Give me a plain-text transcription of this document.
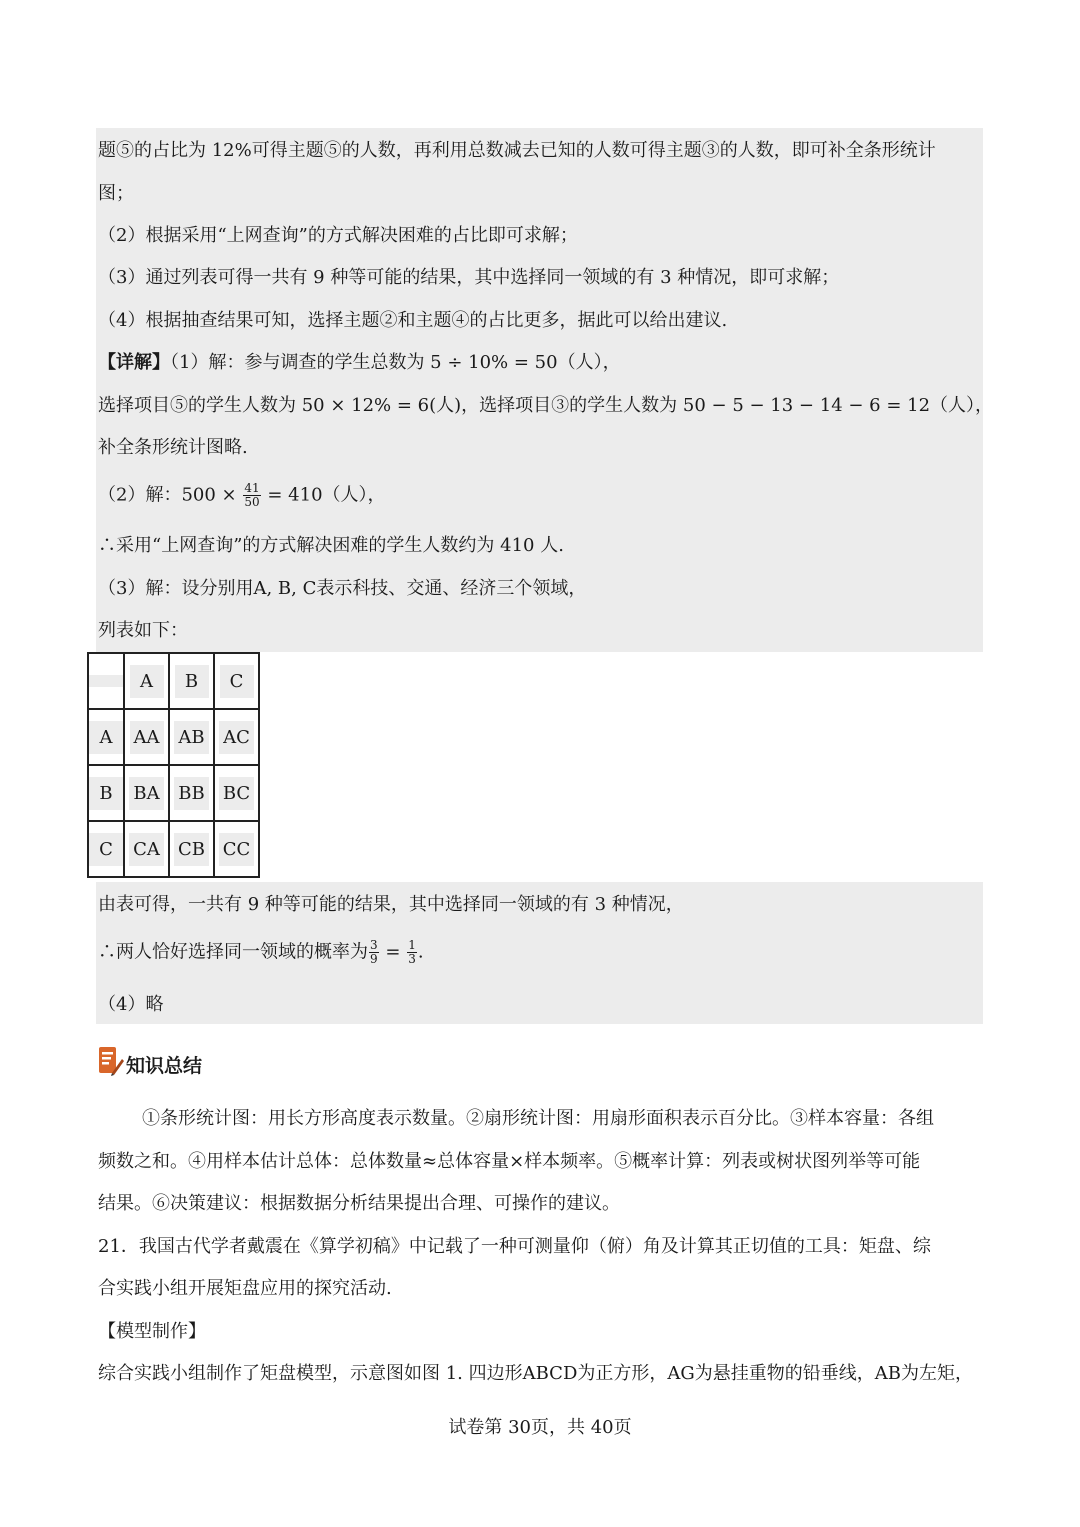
题⑤的占比为 12%可得主题⑤的人数，再利用总数减去已知的人数可得主题③的人数，即可补全条形统计
图；
（2）根据采用“上网查询”的方式解决困难的占比即可求解；
（3）通过列表可得一共有 9 种等可能的结果，其中选择同一领域的有 3 种情况，即可求解；
（4）根据抽查结果可知，选择主题②和主题④的占比更多，据此可以给出建议.
【详解】（1）解：参与调查的学生总数为 5 ÷ 10% = 50（人），
选择项目⑤的学生人数为 50 × 12% = 6(人)，选择项目③的学生人数为 50 − 5 − 13 − 14 − 6 = 12（人），
补全条形统计图略.
（2）解：$500 \times \frac{41}{50} = 410$（人），
∴采用“上网查询”的方式解决困难的学生人数约为 410 人.
（3）解：设分别用A, B, C表示科技、交通、经济三个领域，
列表如下：
	A	B	C
A	AA	AB	AC
B	BA	BB	BC
C	CA	CB	CC
由表可得，一共有 9 种等可能的结果，其中选择同一领域的有 3 种情况，
∴两人恰好选择同一领域的概率为 $\frac{3}{9} = \frac{1}{3}$ .
（4）略
知识总结
①条形统计图：用长方形高度表示数量。②扇形统计图：用扇形面积表示百分比。③样本容量：各组
频数之和。④用样本估计总体：总体数量≈总体容量×样本频率。⑤概率计算：列表或树状图列举等可能
结果。⑥决策建议：根据数据分析结果提出合理、可操作的建议。
21．我国古代学者戴震在《算学初稿》中记载了一种可测量仰（俯）角及计算其正切值的工具：矩盘、综
合实践小组开展矩盘应用的探究活动.
【模型制作】
综合实践小组制作了矩盘模型，示意图如图 1. 四边形ABCD为正方形，AG为悬挂重物的铅垂线，AB为左矩，
试卷第 30页，共 40页
